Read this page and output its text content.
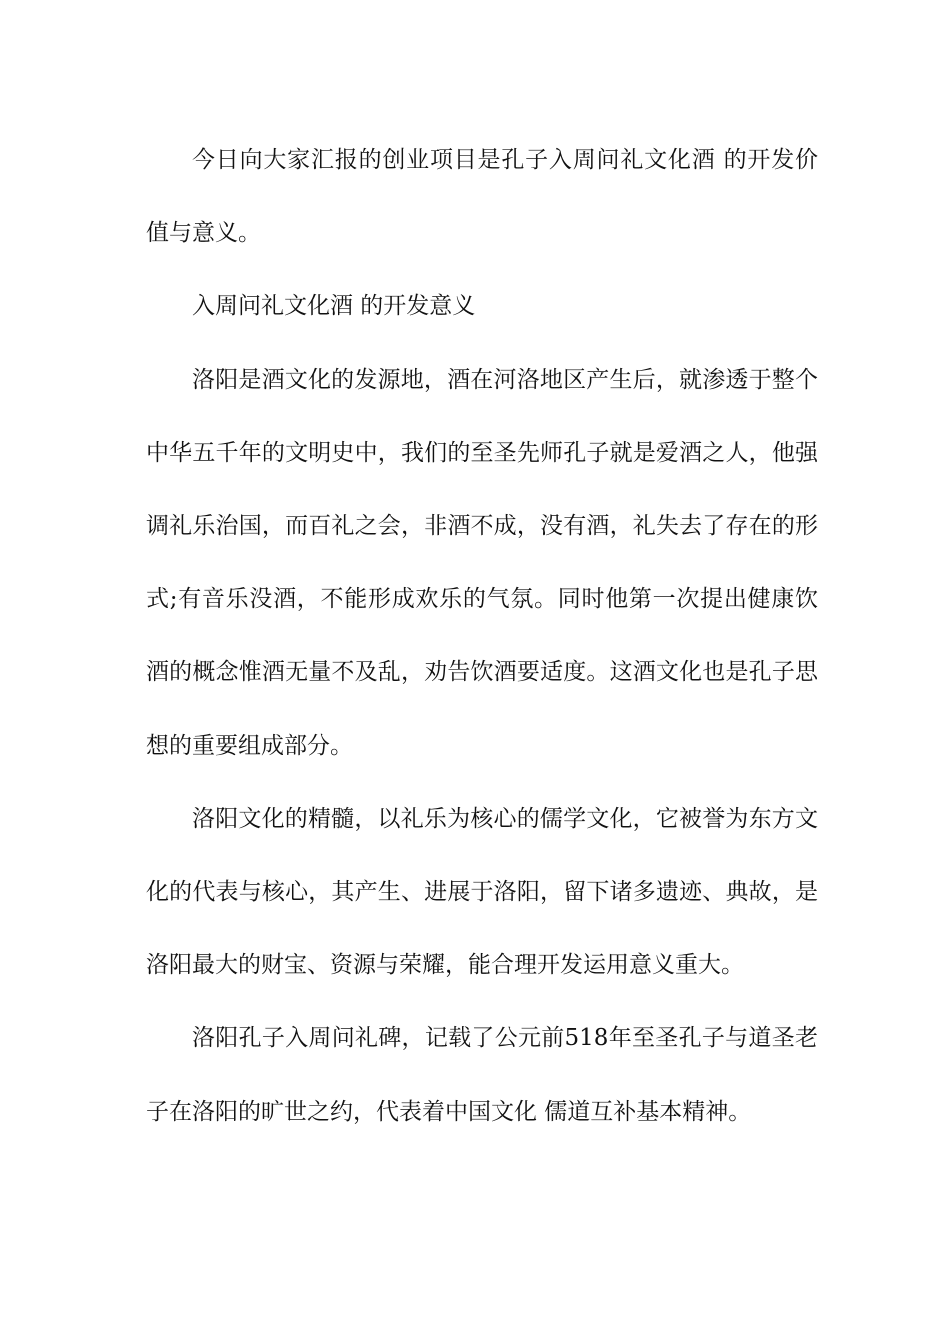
今日向大家汇报的创业项目是孔子入周问礼文化酒 的开发价值与意义。

入周问礼文化酒 的开发意义

洛阳是酒文化的发源地，酒在河洛地区产生后，就渗透于整个中华五千年的文明史中，我们的至圣先师孔子就是爱酒之人，他强调礼乐治国，而百礼之会，非酒不成，没有酒，礼失去了存在的形式;有音乐没酒，不能形成欢乐的气氛。同时他第一次提出健康饮酒的概念惟酒无量不及乱，劝告饮酒要适度。这酒文化也是孔子思想的重要组成部分。

洛阳文化的精髓，以礼乐为核心的儒学文化，它被誉为东方文化的代表与核心，其产生、进展于洛阳，留下诸多遗迹、典故，是洛阳最大的财宝、资源与荣耀，能合理开发运用意义重大。

洛阳孔子入周问礼碑，记载了公元前518年至圣孔子与道圣老子在洛阳的旷世之约，代表着中国文化 儒道互补基本精神。
